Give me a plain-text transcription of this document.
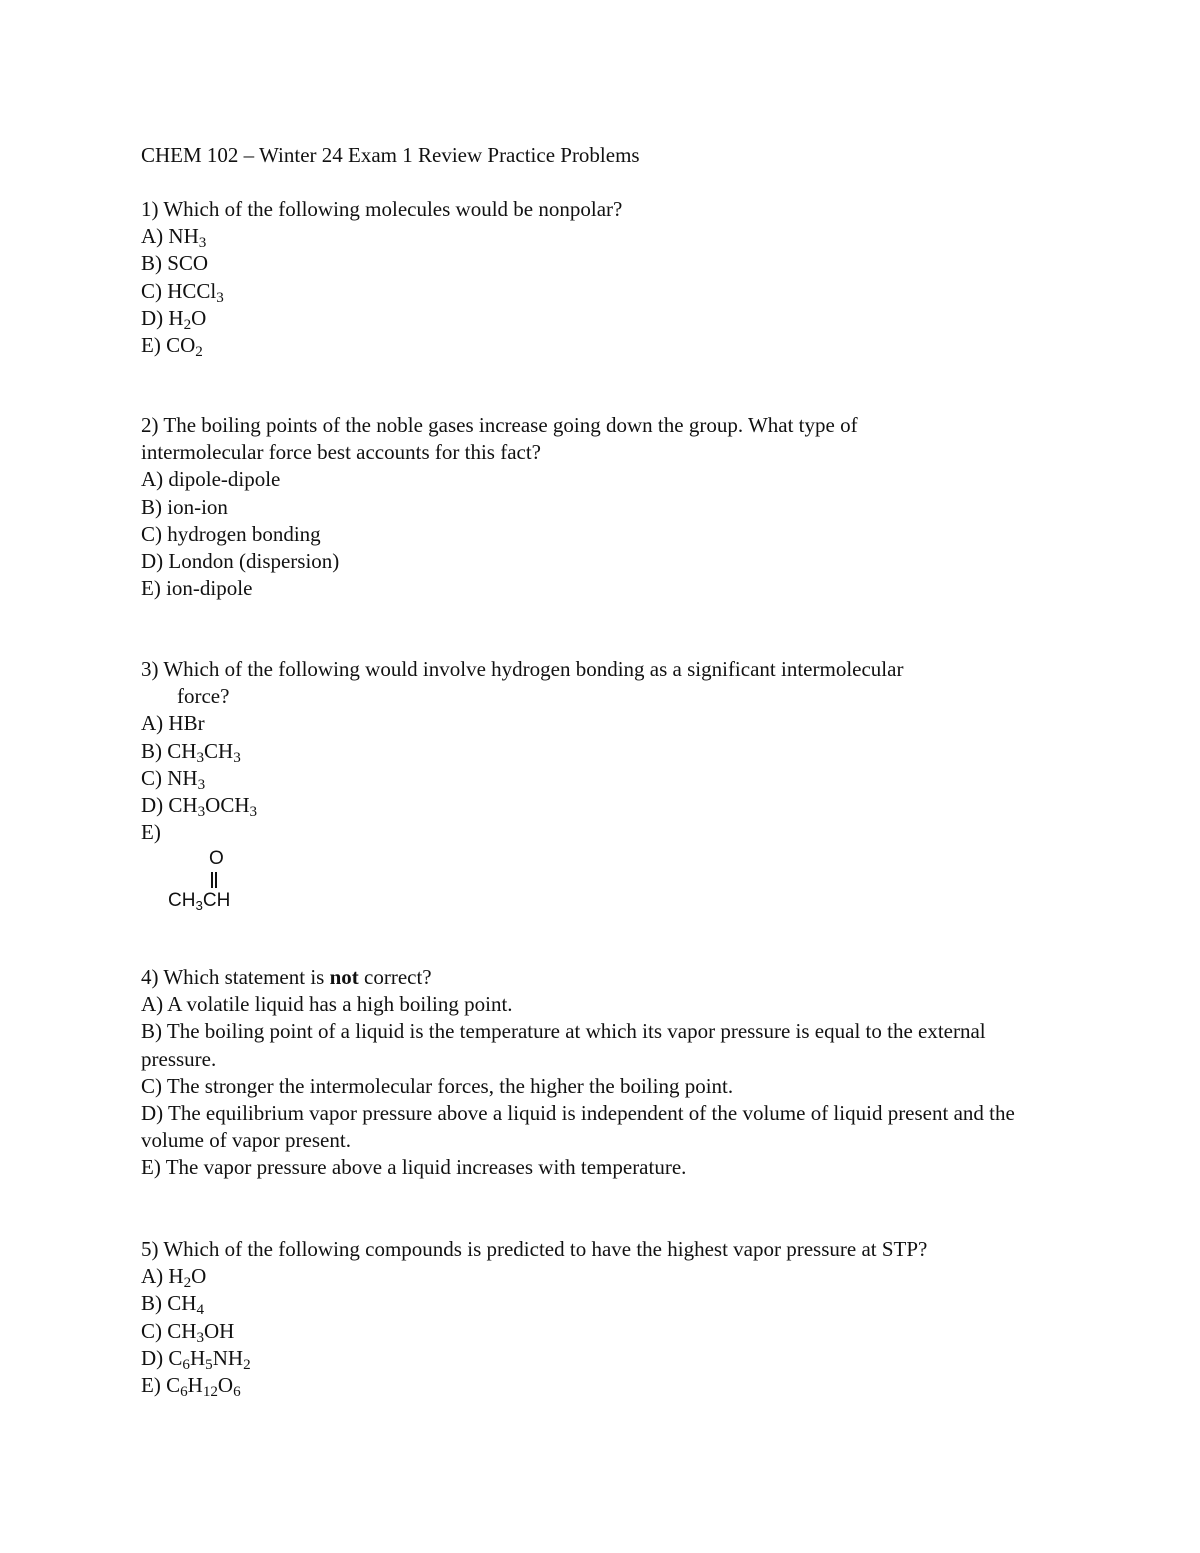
CHEM 102 – Winter 24 Exam 1 Review Practice Problems
1) Which of the following molecules would be nonpolar?
A) $NH_3$
B) SCO
C) HCCl$_3$
D) $H_2O$
E) $CO_2$
2) The boiling points of the noble gases increase going down the group. What type of intermolecular force best accounts for this fact?
A) dipole-dipole
B) ion-ion
C) hydrogen bonding
D) London (dispersion)
E) ion-dipole
3) Which of the following would involve hydrogen bonding as a significant intermolecular
force?
A) HBr
B) $CH_3CH_3$
C) $NH_3$
D) $CH_3OCH_3$
E)
O
$CH_3CH$
4) Which statement is not correct?
A) A volatile liquid has a high boiling point.
B) The boiling point of a liquid is the temperature at which its vapor pressure is equal to the external pressure.
C) The stronger the intermolecular forces, the higher the boiling point.
D) The equilibrium vapor pressure above a liquid is independent of the volume of liquid present and the volume of vapor present.
E) The vapor pressure above a liquid increases with temperature.
5) Which of the following compounds is predicted to have the highest vapor pressure at STP?
A) $H_2O$
B) $CH_4$
C) $CH_3OH$
D) $C_6H_5NH_2$
E) $C_6H_{12}O_6$
